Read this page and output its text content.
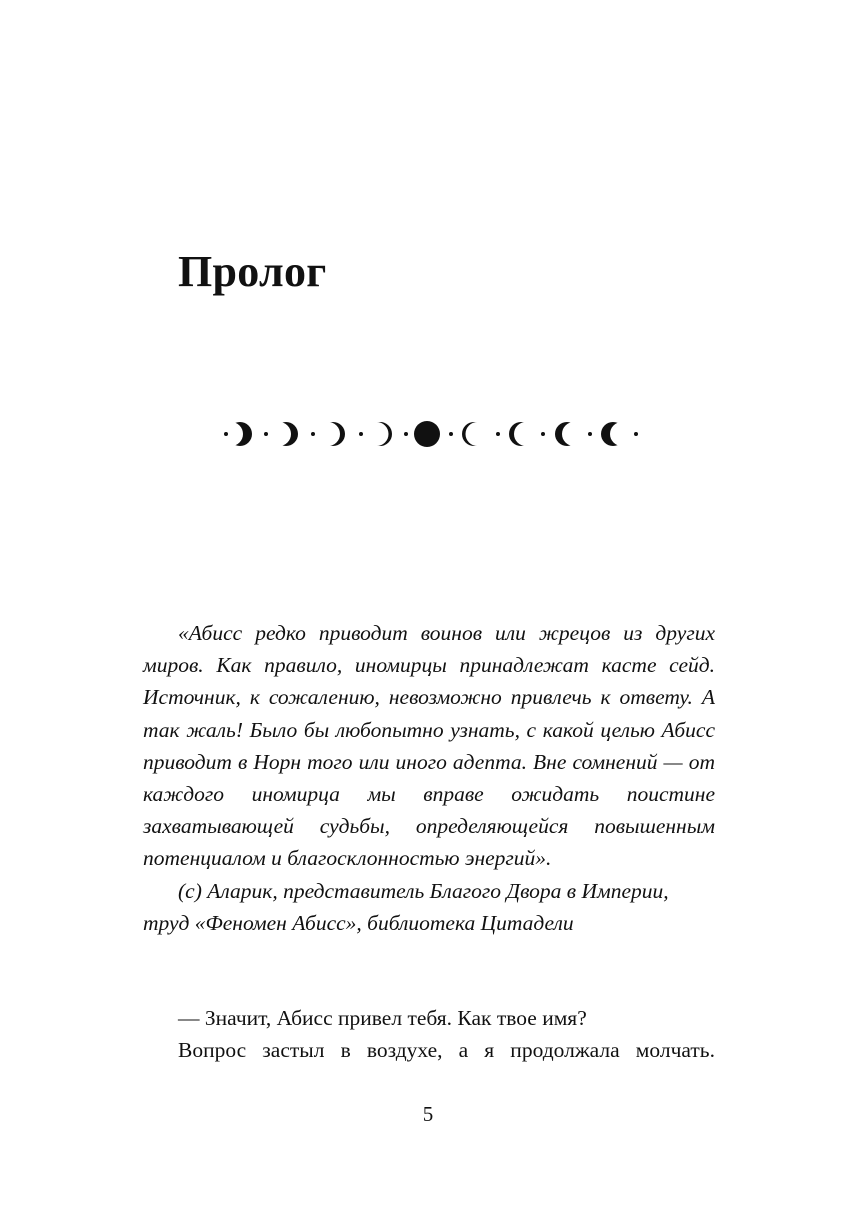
Пролог

«Абисс редко приводит воинов или жрецов из других миров. Как правило, иномирцы принадлежат касте сейд. Источник, к сожалению, невозможно привлечь к ответу. А так жаль! Было бы любопытно узнать, с какой целью Абисс приводит в Норн того или иного адепта. Вне сомнений — от каждого иномирца мы вправе ожидать поистине захватывающей судьбы, определяющейся повышенным потенциалом и благосклонностью энергий».

(с) Аларик, представитель Благого Двора в Империи, труд «Феномен Абисс», библиотека Цитадели

— Значит, Абисс привел тебя. Как твое имя?

Вопрос застыл в воздухе, а я продолжала молчать.

5
